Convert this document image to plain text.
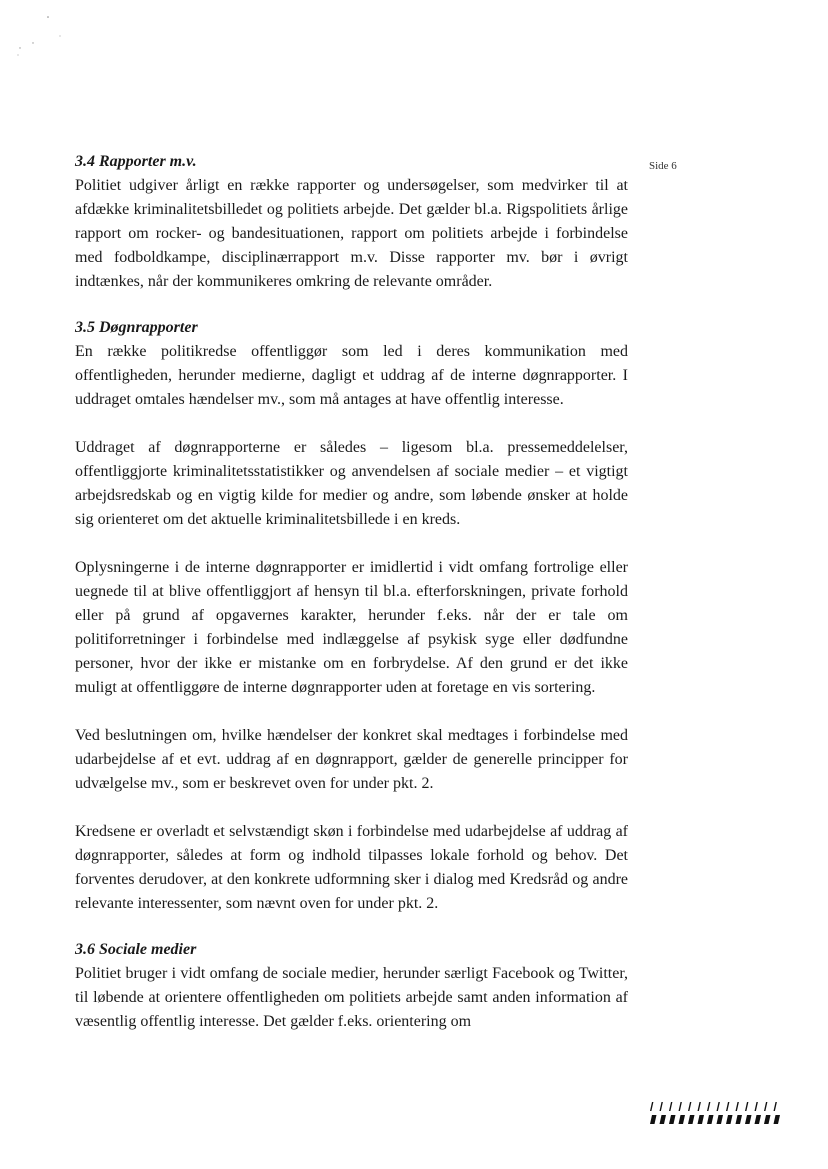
Side 6
3.4 Rapporter m.v.

Politiet udgiver årligt en række rapporter og undersøgelser, som medvirker til at afdække kriminalitetsbilledet og politiets arbejde. Det gælder bl.a. Rigspolitiets årlige rapport om rocker- og bandesituationen, rapport om politiets arbejde i forbindelse med fodboldkampe, disciplinærrapport m.v. Disse rapporter mv. bør i øvrigt indtænkes, når der kommunikeres omkring de relevante områder.

3.5 Døgnrapporter

En række politikredse offentliggør som led i deres kommunikation med offentligheden, herunder medierne, dagligt et uddrag af de interne døgnrapporter. I uddraget omtales hændelser mv., som må antages at have offentlig interesse.

Uddraget af døgnrapporterne er således – ligesom bl.a. pressemeddelelser, offentliggjorte kriminalitetsstatistikker og anvendelsen af sociale medier – et vigtigt arbejdsredskab og en vigtig kilde for medier og andre, som løbende ønsker at holde sig orienteret om det aktuelle kriminalitetsbillede i en kreds.

Oplysningerne i de interne døgnrapporter er imidlertid i vidt omfang fortrolige eller uegnede til at blive offentliggjort af hensyn til bl.a. efterforskningen, private forhold eller på grund af opgavernes karakter, herunder f.eks. når der er tale om politiforretninger i forbindelse med indlæggelse af psykisk syge eller dødfundne personer, hvor der ikke er mistanke om en forbrydelse. Af den grund er det ikke muligt at offentliggøre de interne døgnrapporter uden at foretage en vis sortering.

Ved beslutningen om, hvilke hændelser der konkret skal medtages i forbindelse med udarbejdelse af et evt. uddrag af en døgnrapport, gælder de generelle principper for udvælgelse mv., som er beskrevet oven for under pkt. 2.

Kredsene er overladt et selvstændigt skøn i forbindelse med udarbejdelse af uddrag af døgnrapporter, således at form og indhold tilpasses lokale forhold og behov. Det forventes derudover, at den konkrete udformning sker i dialog med Kredsråd og andre relevante interessenter, som nævnt oven for under pkt. 2.

3.6 Sociale medier

Politiet bruger i vidt omfang de sociale medier, herunder særligt Facebook og Twitter, til løbende at orientere offentligheden om politiets arbejde samt anden information af væsentlig offentlig interesse. Det gælder f.eks. orientering om
